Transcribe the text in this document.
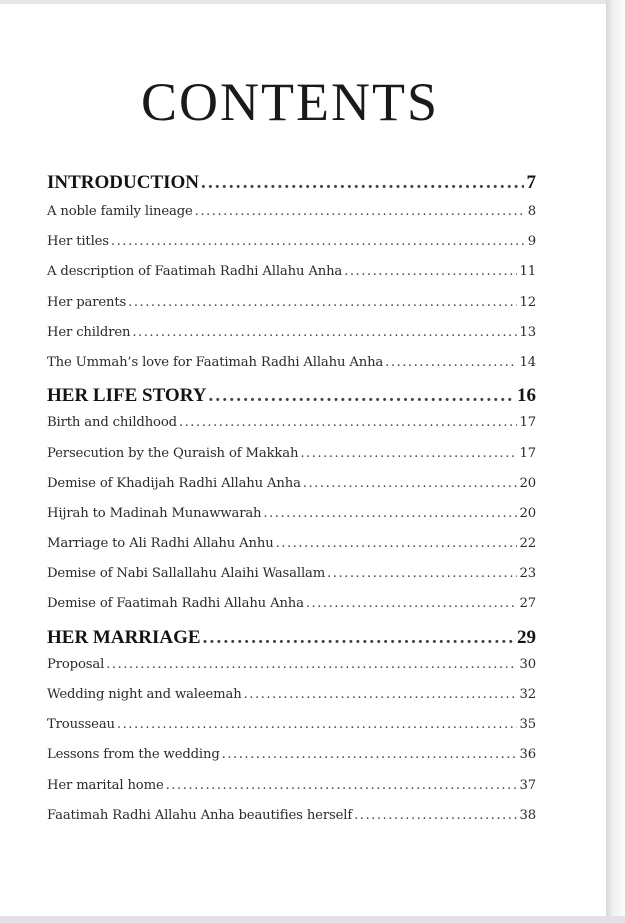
CONTENTS
INTRODUCTION .....	7
A noble family lineage .....	8
Her titles .....	9
A description of Faatimah Radhi Allahu Anha .....	11
Her parents .....	12
Her children .....	13
The Ummah’s love for Faatimah Radhi Allahu Anha .....	14
HER LIFE STORY .....	16
Birth and childhood .....	17
Persecution by the Quraish of Makkah .....	17
Demise of Khadijah Radhi Allahu Anha .....	20
Hijrah to Madinah Munawwarah .....	20
Marriage to Ali Radhi Allahu Anhu .....	22
Demise of Nabi Sallallahu Alaihi Wasallam .....	23
Demise of Faatimah Radhi Allahu Anha .....	27
HER MARRIAGE .....	29
Proposal .....	30
Wedding night and waleemah .....	32
Trousseau .....	35
Lessons from the wedding .....	36
Her marital home .....	37
Faatimah Radhi Allahu Anha beautifies herself .....	38
